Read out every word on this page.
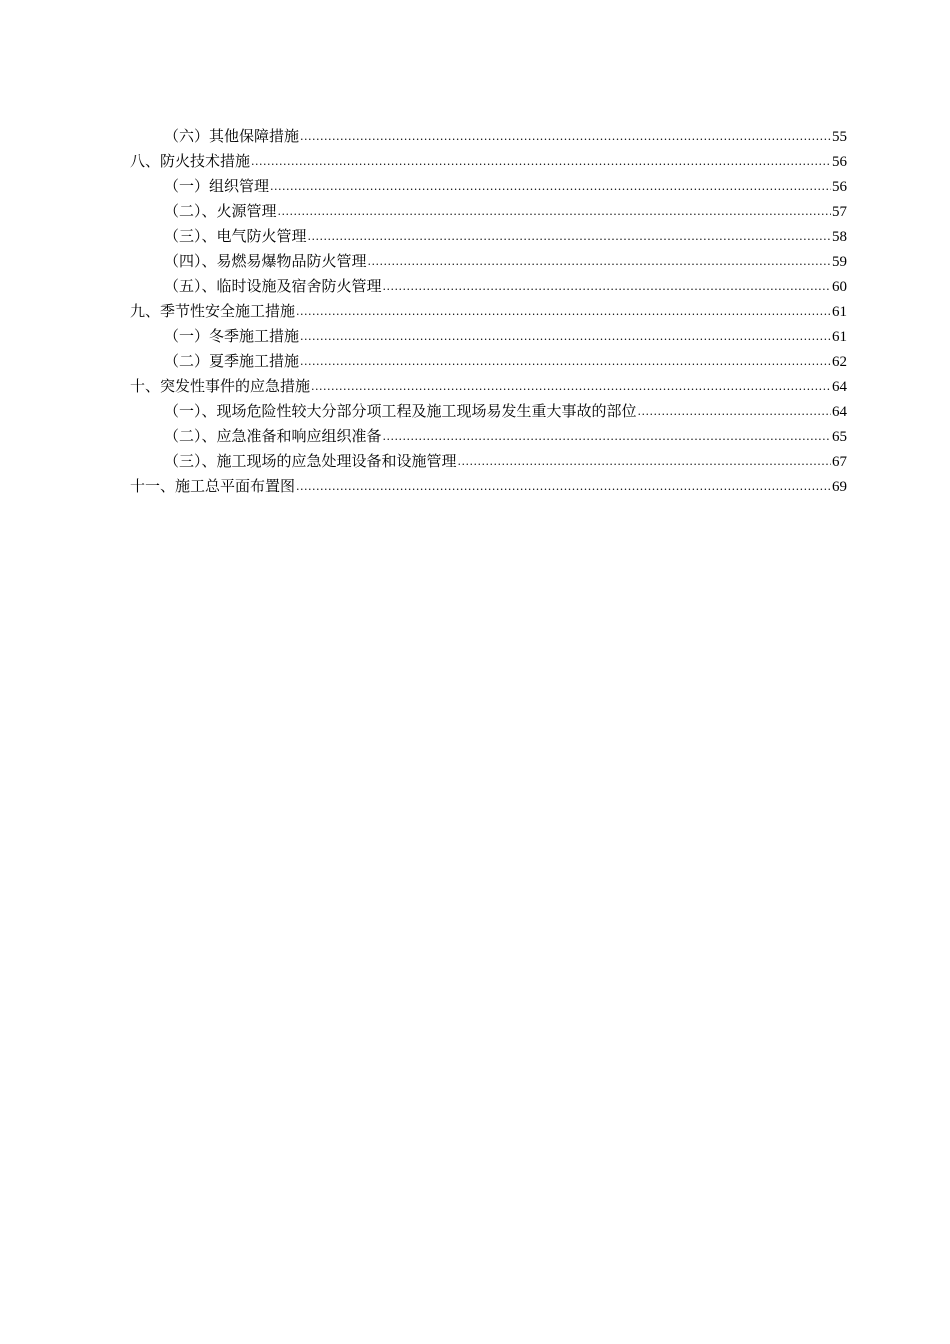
（六）其他保障措施 .....	55
八、防火技术措施 .....	56
（一）组织管理 .....	56
（二）、火源管理 .....	57
（三）、电气防火管理 .....	58
（四）、易燃易爆物品防火管理 .....	59
（五）、临时设施及宿舍防火管理 .....	60
九、季节性安全施工措施 .....	61
（一）冬季施工措施 .....	61
（二）夏季施工措施 .....	62
十、突发性事件的应急措施 .....	64
（一）、现场危险性较大分部分项工程及施工现场易发生重大事故的部位 .....	64
（二）、应急准备和响应组织准备 .....	65
（三）、施工现场的应急处理设备和设施管理 .....	67
十一、施工总平面布置图 .....	69
